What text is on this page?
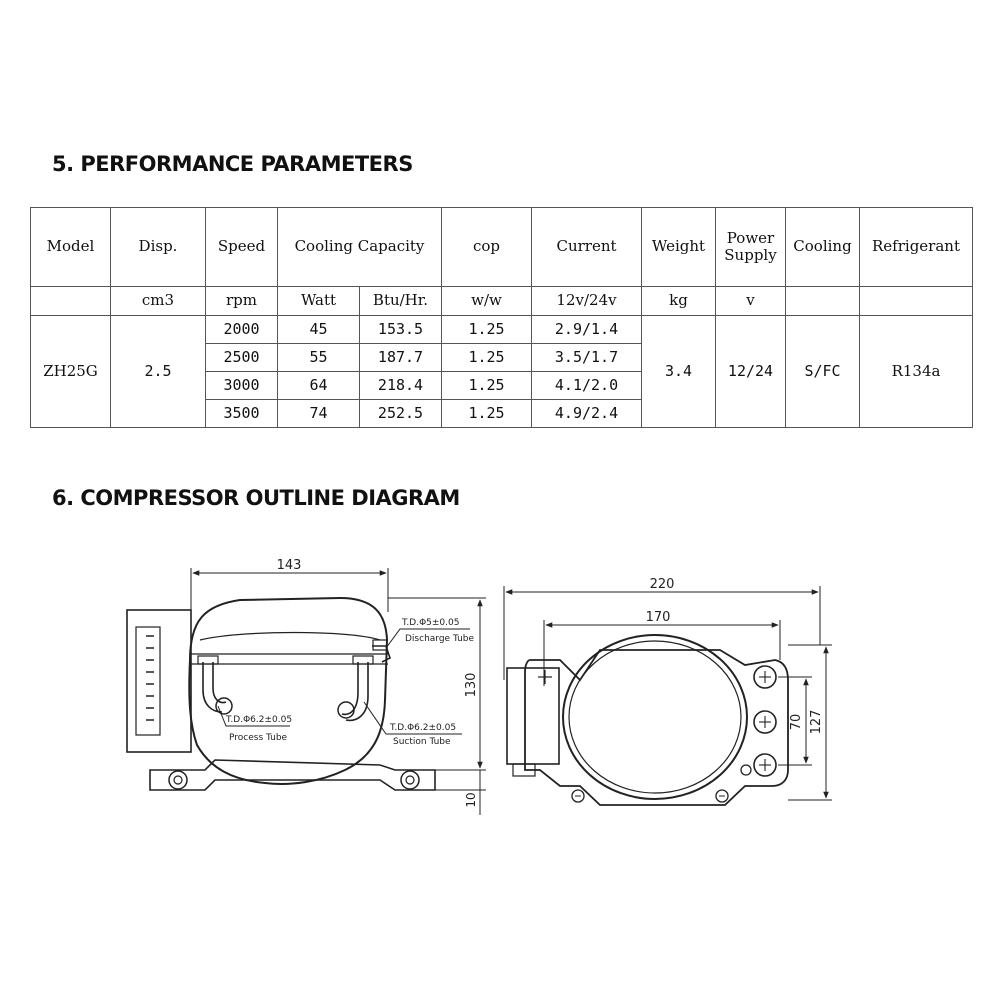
5. PERFORMANCE PARAMETERS
Model	Disp.	Speed	Cooling Capacity		cop	Current	Weight	Power Supply	Cooling	Refrigerant
	cm3	rpm	Watt	Btu/Hr.	w/w	12v/24v	kg	v		
ZH25G	2.5	2000	45	153.5	1.25	2.9/1.4	3.4	12/24	S/FC	R134a
		2500	55	187.7	1.25	3.5/1.7				
		3000	64	218.4	1.25	4.1/2.0				
		3500	74	252.5	1.25	4.9/2.4				
6. COMPRESSOR OUTLINE DIAGRAM
143
130
10
T.D.Φ5±0.05
Discharge Tube
T.D.Φ6.2±0.05
Process Tube
T.D.Φ6.2±0.05
Suction Tube
220
170
70 127
